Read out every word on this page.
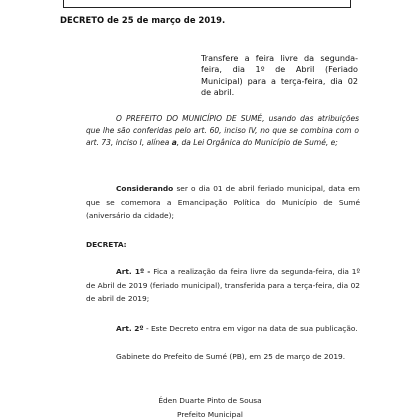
DECRETO de 25 de março de 2019.
Transfere a feira livre da segunda-feira, dia 1º de Abril (Feriado Municipal) para a terça-feira, dia 02 de abril.
O PREFEITO DO MUNICÍPIO DE SUMÉ, usando das atribuições que lhe são conferidas pelo art. 60, inciso IV, no que se combina com o art. 73, inciso I, alínea a, da Lei Orgânica do Município de Sumé, e;
Considerando ser o dia 01 de abril feriado municipal, data em que se comemora a Emancipação Política do Município de Sumé (aniversário da cidade);
DECRETA:
Art. 1º - Fica a realização da feira livre da segunda-feira, dia 1º de Abril de 2019 (feriado municipal), transferida para a terça-feira, dia 02 de abril de 2019;
Art. 2º - Este Decreto entra em vigor na data de sua publicação.
Gabinete do Prefeito de Sumé (PB), em 25 de março de 2019.
Éden Duarte Pinto de Sousa
Prefeito Municipal
